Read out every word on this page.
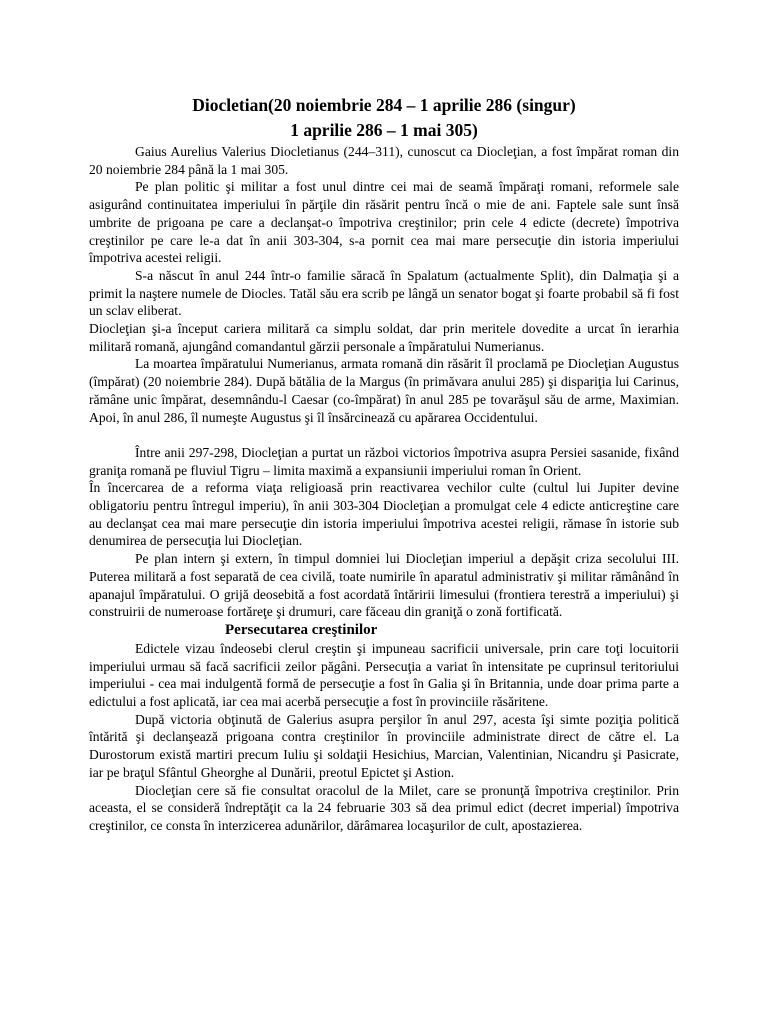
Diocletian(20 noiembrie 284 – 1 aprilie 286 (singur)

1 aprilie 286 – 1 mai 305)

Gaius Aurelius Valerius Diocletianus (244–311), cunoscut ca Diocleţian, a fost împărat roman din 20 noiembrie 284 până la 1 mai 305.

Pe plan politic şi militar a fost unul dintre cei mai de seamă împăraţi romani, reformele sale asigurând continuitatea imperiului în părţile din răsărit pentru încă o mie de ani. Faptele sale sunt însă umbrite de prigoana pe care a declanşat-o împotriva creştinilor; prin cele 4 edicte (decrete) împotriva creştinilor pe care le-a dat în anii 303-304, s-a pornit cea mai mare persecuţie din istoria imperiului împotriva acestei religii.

S-a născut în anul 244 într-o familie săracă în Spalatum (actualmente Split), din Dalmaţia şi a primit la naştere numele de Diocles. Tatăl său era scrib pe lângă un senator bogat şi foarte probabil să fi fost un sclav eliberat.

Diocleţian şi-a început cariera militară ca simplu soldat, dar prin meritele dovedite a urcat în ierarhia militară romană, ajungând comandantul gărzii personale a împăratului Numerianus.

La moartea împăratului Numerianus, armata romană din răsărit îl proclamă pe Diocleţian Augustus (împărat) (20 noiembrie 284). După bătălia de la Margus (în primăvara anului 285) şi dispariţia lui Carinus, rămâne unic împărat, desemnându-l Caesar (co-împărat) în anul 285 pe tovarăşul său de arme, Maximian. Apoi, în anul 286, îl numeşte Augustus şi îl însărcinează cu apărarea Occidentului.

Între anii 297-298, Diocleţian a purtat un război victorios împotriva asupra Persiei sasanide, fixând graniţa romană pe fluviul Tigru – limita maximă a expansiunii imperiului roman în Orient.

În încercarea de a reforma viaţa religioasă prin reactivarea vechilor culte (cultul lui Jupiter devine obligatoriu pentru întregul imperiu), în anii 303-304 Diocleţian a promulgat cele 4 edicte anticreştine care au declanşat cea mai mare persecuţie din istoria imperiului împotriva acestei religii, rămase în istorie sub denumirea de persecuţia lui Diocleţian.

Pe plan intern şi extern, în timpul domniei lui Diocleţian imperiul a depăşit criza secolului III. Puterea militară a fost separată de cea civilă, toate numirile în aparatul administrativ şi militar rămânând în apanajul împăratului. O grijă deosebită a fost acordată întăririi limesului (frontiera terestră a imperiului) şi construirii de numeroase fortăreţe şi drumuri, care făceau din graniţă o zonă fortificată.

Persecutarea creştinilor

Edictele vizau îndeosebi clerul creştin şi impuneau sacrificii universale, prin care toţi locuitorii imperiului urmau să facă sacrificii zeilor păgâni. Persecuţia a variat în intensitate pe cuprinsul teritoriului imperiului - cea mai indulgentă formă de persecuţie a fost în Galia şi în Britannia, unde doar prima parte a edictului a fost aplicată, iar cea mai acerbă persecuţie a fost în provinciile răsăritene.

După victoria obţinută de Galerius asupra perşilor în anul 297, acesta îşi simte poziţia politică întărită şi declanşează prigoana contra creştinilor în provinciile administrate direct de către el. La Durostorum există martiri precum Iuliu şi soldaţii Hesichius, Marcian, Valentinian, Nicandru şi Pasicrate, iar pe braţul Sfântul Gheorghe al Dunării, preotul Epictet şi Astion.

Diocleţian cere să fie consultat oracolul de la Milet, care se pronunţă împotriva creştinilor. Prin aceasta, el se consideră îndreptăţit ca la 24 februarie 303 să dea primul edict (decret imperial) împotriva creştinilor, ce consta în interzicerea adunărilor, dărâmarea locaşurilor de cult, apostazierea.
